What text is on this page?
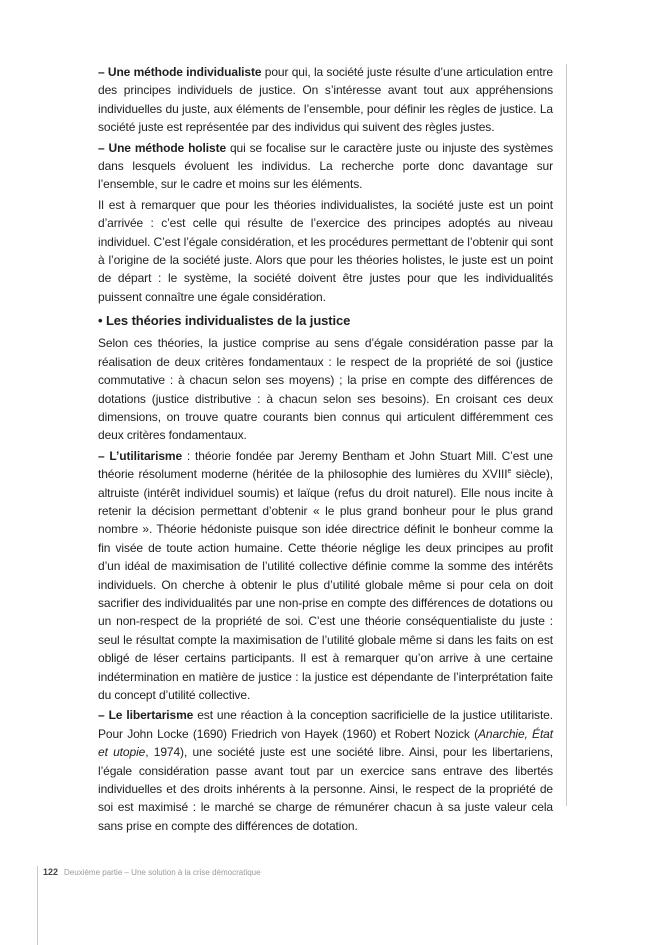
– Une méthode individualiste pour qui, la société juste résulte d’une articulation entre des principes individuels de justice. On s’intéresse avant tout aux appréhensions individuelles du juste, aux éléments de l’ensemble, pour définir les règles de justice. La société juste est représentée par des individus qui suivent des règles justes.

– Une méthode holiste qui se focalise sur le caractère juste ou injuste des systèmes dans lesquels évoluent les individus. La recherche porte donc davantage sur l’ensemble, sur le cadre et moins sur les éléments.

Il est à remarquer que pour les théories individualistes, la société juste est un point d’arrivée : c’est celle qui résulte de l’exercice des principes adoptés au niveau individuel. C’est l’égale considération, et les procédures permettant de l’obtenir qui sont à l’origine de la société juste. Alors que pour les théories holistes, le juste est un point de départ : le système, la société doivent être justes pour que les individualités puissent connaître une égale considération.

• Les théories individualistes de la justice

Selon ces théories, la justice comprise au sens d’égale considération passe par la réalisation de deux critères fondamentaux : le respect de la propriété de soi (justice commutative : à chacun selon ses moyens) ; la prise en compte des différences de dotations (justice distributive : à chacun selon ses besoins). En croisant ces deux dimensions, on trouve quatre courants bien connus qui articulent différemment ces deux critères fondamentaux.

– L’utilitarisme : théorie fondée par Jeremy Bentham et John Stuart Mill. C’est une théorie résolument moderne (héritée de la philosophie des lumières du XVIIIe siècle), altruiste (intérêt individuel soumis) et laïque (refus du droit naturel). Elle nous incite à retenir la décision permettant d’obtenir « le plus grand bonheur pour le plus grand nombre ». Théorie hédoniste puisque son idée directrice définit le bonheur comme la fin visée de toute action humaine. Cette théorie néglige les deux principes au profit d’un idéal de maximisation de l’utilité collective définie comme la somme des intérêts individuels. On cherche à obtenir le plus d’utilité globale même si pour cela on doit sacrifier des individualités par une non-prise en compte des différences de dotations ou un non-respect de la propriété de soi. C’est une théorie conséquentialiste du juste : seul le résultat compte la maximisation de l’utilité globale même si dans les faits on est obligé de léser certains participants. Il est à remarquer qu’on arrive à une certaine indétermination en matière de justice : la justice est dépendante de l’interprétation faite du concept d’utilité collective.

– Le libertarisme est une réaction à la conception sacrificielle de la justice utilitariste. Pour John Locke (1690) Friedrich von Hayek (1960) et Robert Nozick (Anarchie, État et utopie, 1974), une société juste est une société libre. Ainsi, pour les libertariens, l’égale considération passe avant tout par un exercice sans entrave des libertés individuelles et des droits inhérents à la personne. Ainsi, le respect de la propriété de soi est maximisé : le marché se charge de rémunérer chacun à sa juste valeur cela sans prise en compte des différences de dotation.

122 Deuxième partie – Une solution à la crise démocratique
